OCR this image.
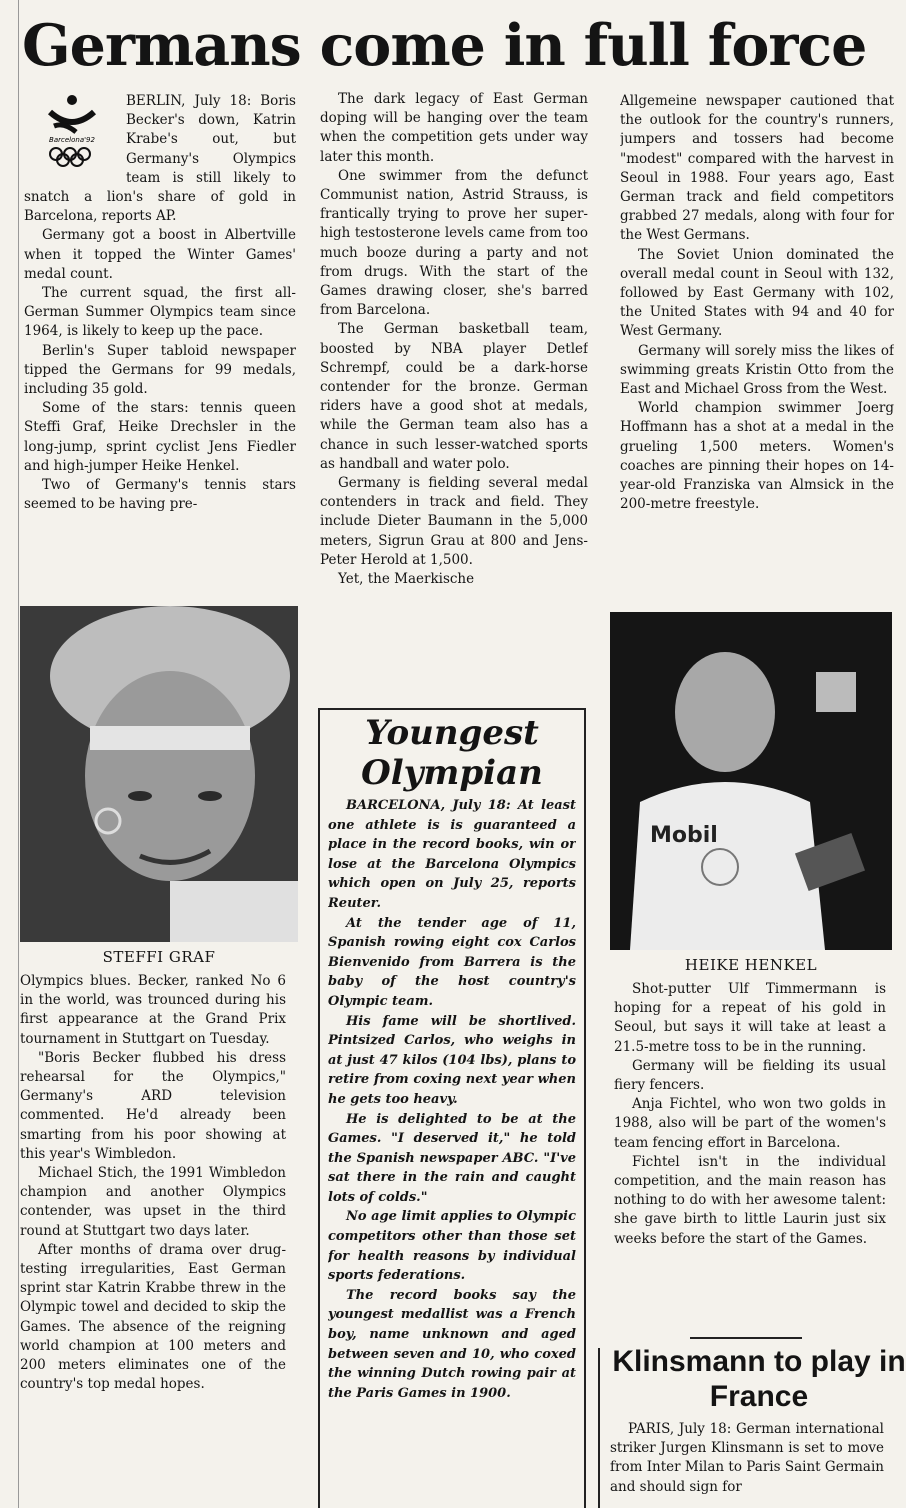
Germans come in full force
Barcelona'92

BERLIN, July 18: Boris Becker's down, Katrin Krabe's out, but Germany's Olympics team is still likely to snatch a lion's share of gold in Barcelona, reports AP.

Germany got a boost in Albertville when it topped the Winter Games' medal count.

The current squad, the first all-German Summer Olympics team since 1964, is likely to keep up the pace.

Berlin's Super tabloid newspaper tipped the Germans for 99 medals, including 35 gold.

Some of the stars: tennis queen Steffi Graf, Heike Drechsler in the long-jump, sprint cyclist Jens Fiedler and high-jumper Heike Henkel.

Two of Germany's tennis stars seemed to be having pre-

STEFFI GRAF

Olympics blues. Becker, ranked No 6 in the world, was trounced during his first appearance at the Grand Prix tournament in Stuttgart on Tuesday.

"Boris Becker flubbed his dress rehearsal for the Olympics," Germany's ARD television commented. He'd already been smarting from his poor showing at this year's Wimbledon.

Michael Stich, the 1991 Wimbledon champion and another Olympics contender, was upset in the third round at Stuttgart two days later.

After months of drama over drug-testing irregularities, East German sprint star Katrin Krabbe threw in the Olympic towel and decided to skip the Games. The absence of the reigning world champion at 100 meters and 200 meters eliminates one of the country's top medal hopes.

The dark legacy of East German doping will be hanging over the team when the competition gets under way later this month.

One swimmer from the defunct Communist nation, Astrid Strauss, is frantically trying to prove her super-high testosterone levels came from too much booze during a party and not from drugs. With the start of the Games drawing closer, she's barred from Barcelona.

The German basketball team, boosted by NBA player Detlef Schrempf, could be a dark-horse contender for the bronze. German riders have a good shot at medals, while the German team also has a chance in such lesser-watched sports as handball and water polo.

Germany is fielding several medal contenders in track and field. They include Dieter Baumann in the 5,000 meters, Sigrun Grau at 800 and Jens-Peter Herold at 1,500.

Yet, the Maerkische

Youngest Olympian

BARCELONA, July 18: At least one athlete is is guaranteed a place in the record books, win or lose at the Barcelona Olympics which open on July 25, reports Reuter.

At the tender age of 11, Spanish rowing eight cox Carlos Bienvenido from Barrera is the baby of the host country's Olympic team.

His fame will be shortlived. Pintsized Carlos, who weighs in at just 47 kilos (104 lbs), plans to retire from coxing next year when he gets too heavy.

He is delighted to be at the Games. "I deserved it," he told the Spanish newspaper ABC. "I've sat there in the rain and caught lots of colds."

No age limit applies to Olympic competitors other than those set for health reasons by individual sports federations.

The record books say the youngest medallist was a French boy, name unknown and aged between seven and 10, who coxed the winning Dutch rowing pair at the Paris Games in 1900.

Allgemeine newspaper cautioned that the outlook for the country's runners, jumpers and tossers had become "modest" compared with the harvest in Seoul in 1988. Four years ago, East German track and field competitors grabbed 27 medals, along with four for the West Germans.

The Soviet Union dominated the overall medal count in Seoul with 132, followed by East Germany with 102, the United States with 94 and 40 for West Germany.

Germany will sorely miss the likes of swimming greats Kristin Otto from the East and Michael Gross from the West.

World champion swimmer Joerg Hoffmann has a shot at a medal in the grueling 1,500 meters. Women's coaches are pinning their hopes on 14-year-old Franziska van Almsick in the 200-metre freestyle.

Mobil
HEIKE HENKEL

Shot-putter Ulf Timmermann is hoping for a repeat of his gold in Seoul, but says it will take at least a 21.5-metre toss to be in the running.

Germany will be fielding its usual fiery fencers.

Anja Fichtel, who won two golds in 1988, also will be part of the women's team fencing effort in Barcelona.

Fichtel isn't in the individual competition, and the main reason has nothing to do with her awesome talent: she gave birth to little Laurin just six weeks before the start of the Games.

Klinsmann to play in France

PARIS, July 18: German international striker Jurgen Klinsmann is set to move from Inter Milan to Paris Saint Germain and should sign for
